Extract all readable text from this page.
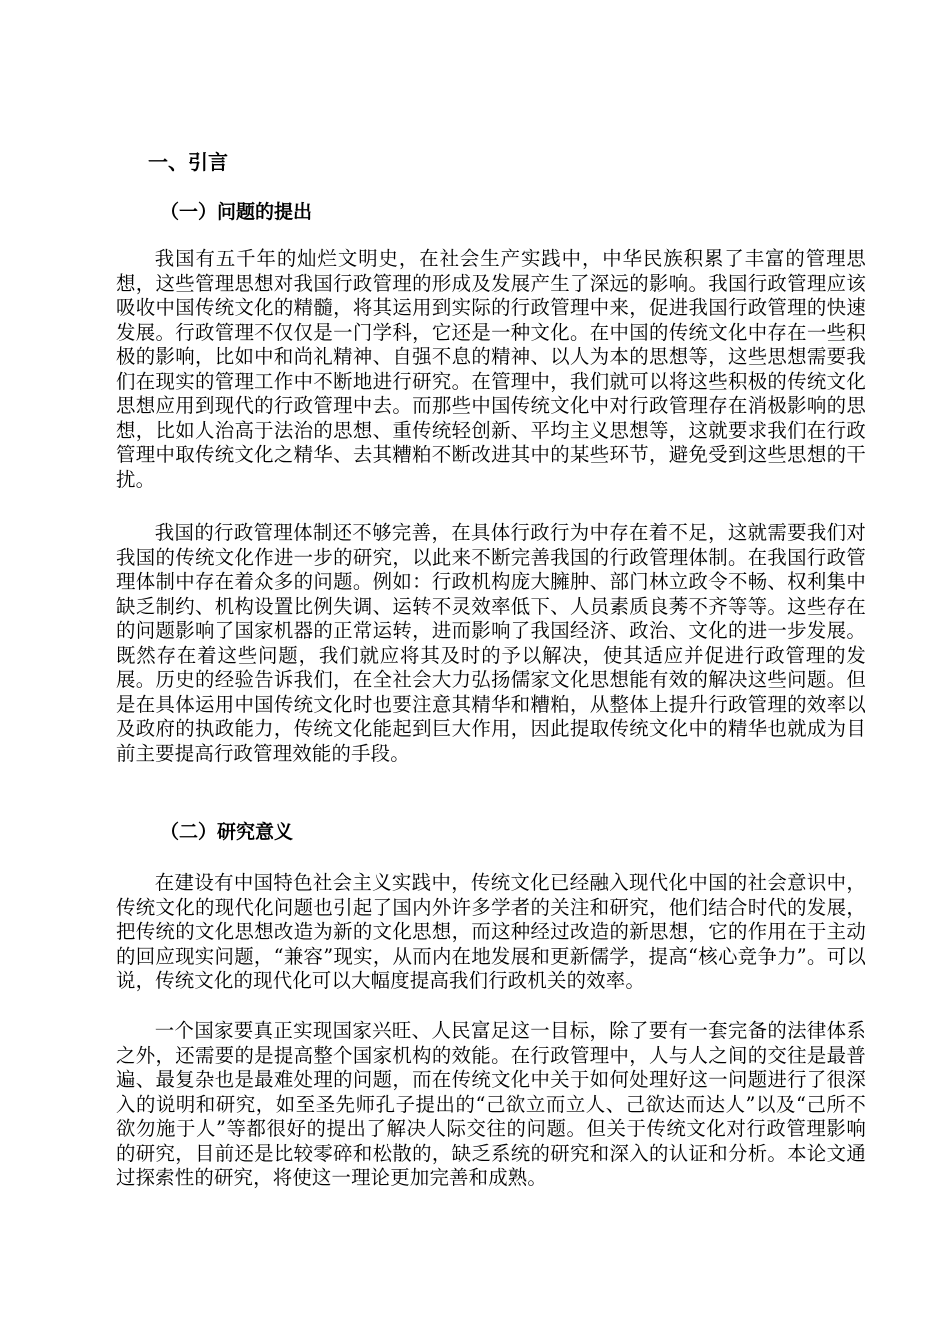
一、引言
（一）问题的提出

我国有五千年的灿烂文明史，在社会生产实践中，中华民族积累了丰富的管理思想，这些管理思想对我国行政管理的形成及发展产生了深远的影响。我国行政管理应该吸收中国传统文化的精髓，将其运用到实际的行政管理中来，促进我国行政管理的快速发展。行政管理不仅仅是一门学科，它还是一种文化。在中国的传统文化中存在一些积极的影响，比如中和尚礼精神、自强不息的精神、以人为本的思想等，这些思想需要我们在现实的管理工作中不断地进行研究。在管理中，我们就可以将这些积极的传统文化思想应用到现代的行政管理中去。而那些中国传统文化中对行政管理存在消极影响的思想，比如人治高于法治的思想、重传统轻创新、平均主义思想等，这就要求我们在行政管理中取传统文化之精华、去其糟粕不断改进其中的某些环节，避免受到这些思想的干扰。

我国的行政管理体制还不够完善，在具体行政行为中存在着不足，这就需要我们对我国的传统文化作进一步的研究，以此来不断完善我国的行政管理体制。在我国行政管理体制中存在着众多的问题。例如：行政机构庞大臃肿、部门林立政令不畅、权利集中缺乏制约、机构设置比例失调、运转不灵效率低下、人员素质良莠不齐等等。这些存在的问题影响了国家机器的正常运转，进而影响了我国经济、政治、文化的进一步发展。既然存在着这些问题，我们就应将其及时的予以解决，使其适应并促进行政管理的发展。历史的经验告诉我们，在全社会大力弘扬儒家文化思想能有效的解决这些问题。但是在具体运用中国传统文化时也要注意其精华和糟粕，从整体上提升行政管理的效率以及政府的执政能力，传统文化能起到巨大作用，因此提取传统文化中的精华也就成为目前主要提高行政管理效能的手段。

（二）研究意义

在建设有中国特色社会主义实践中，传统文化已经融入现代化中国的社会意识中，传统文化的现代化问题也引起了国内外许多学者的关注和研究，他们结合时代的发展，把传统的文化思想改造为新的文化思想，而这种经过改造的新思想，它的作用在于主动的回应现实问题，“兼容”现实，从而内在地发展和更新儒学，提高“核心竞争力”。可以说，传统文化的现代化可以大幅度提高我们行政机关的效率。

一个国家要真正实现国家兴旺、人民富足这一目标，除了要有一套完备的法律体系之外，还需要的是提高整个国家机构的效能。在行政管理中，人与人之间的交往是最普遍、最复杂也是最难处理的问题，而在传统文化中关于如何处理好这一问题进行了很深入的说明和研究，如至圣先师孔子提出的“己欲立而立人、己欲达而达人”以及“己所不欲勿施于人”等都很好的提出了解决人际交往的问题。但关于传统文化对行政管理影响的研究，目前还是比较零碎和松散的，缺乏系统的研究和深入的认证和分析。本论文通过探索性的研究，将使这一理论更加完善和成熟。
